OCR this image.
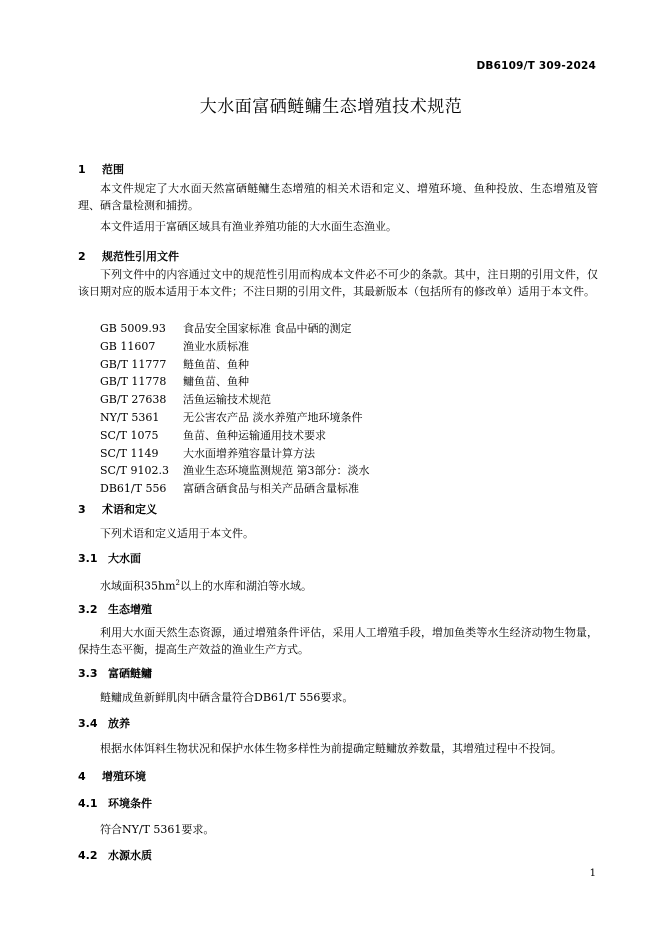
DB6109/T 309-2024
大水面富硒鲢鳙生态增殖技术规范
1 范围

本文件规定了大水面天然富硒鲢鳙生态增殖的相关术语和定义、增殖环境、鱼种投放、生态增殖及管理、硒含量检测和捕捞。

本文件适用于富硒区域具有渔业养殖功能的大水面生态渔业。

2 规范性引用文件

下列文件中的内容通过文中的规范性引用而构成本文件必不可少的条款。其中，注日期的引用文件，仅该日期对应的版本适用于本文件；不注日期的引用文件，其最新版本（包括所有的修改单）适用于本文件。

GB 5009.93 食品安全国家标准 食品中硒的测定
GB 11607	渔业水质标准
GB/T 11777 鲢鱼苗、鱼种
GB/T 11778 鳙鱼苗、鱼种
GB/T 27638 活鱼运输技术规范
NY/T 5361 无公害农产品 淡水养殖产地环境条件
SC/T 1075 鱼苗、鱼种运输通用技术要求
SC/T 1149 大水面增养殖容量计算方法
SC/T 9102.3 渔业生态环境监测规范 第3部分：淡水
DB61/T 556 富硒含硒食品与相关产品硒含量标准
3 术语和定义

下列术语和定义适用于本文件。

3.1 大水面

水域面积$35hm^2$以上的水库和湖泊等水域。

3.2 生态增殖

利用大水面天然生态资源，通过增殖条件评估，采用人工增殖手段，增加鱼类等水生经济动物生物量，保持生态平衡，提高生产效益的渔业生产方式。

3.3 富硒鲢鳙

鲢鳙成鱼新鲜肌肉中硒含量符合DB61/T 556要求。

3.4 放养

根据水体饵料生物状况和保护水体生物多样性为前提确定鲢鳙放养数量，其增殖过程中不投饲。

4 增殖环境
4.1 环境条件

符合NY/T 5361要求。

4.2 水源水质
1
